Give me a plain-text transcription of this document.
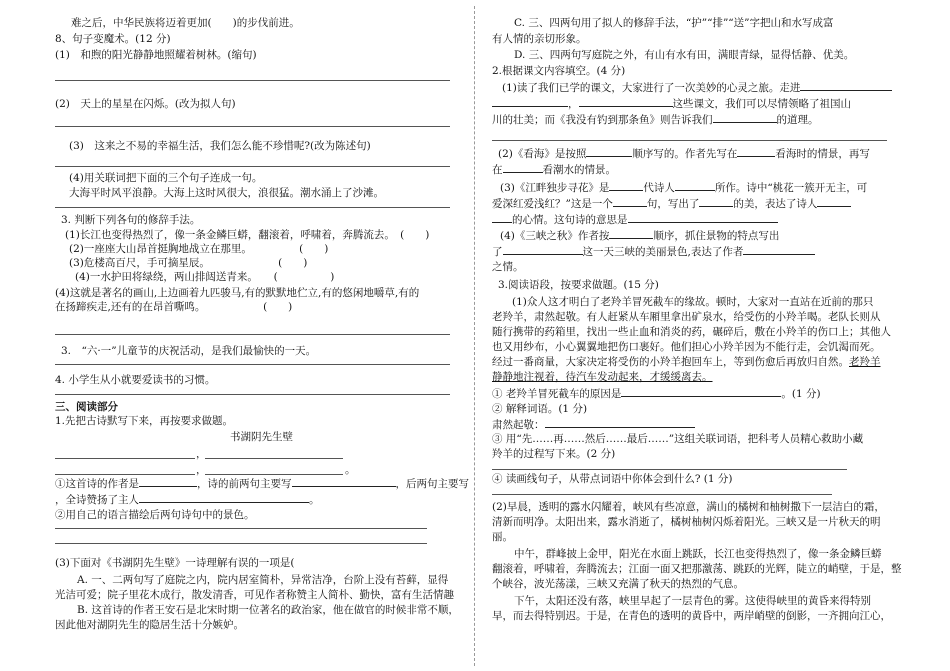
难之后，中华民族将迈着更加(　　)的步伐前进。
8、句子变魔术。(12 分)
(1)　和煦的阳光静静地照耀着树林。(缩句)
(2)　天上的星星在闪烁。(改为拟人句)
(3)　这来之不易的幸福生活，我们怎么能不珍惜呢?(改为陈述句)
(4)用关联词把下面的三个句子连成一句。
大海平时风平浪静。大海上这时风很大，浪很猛。潮水涌上了沙滩。
3. 判断下列各句的修辞手法。
(1)长江也变得热烈了，像一条金鳞巨蟒，翻滚着，呼啸着，奔腾流去。　(　　)
(2)一座座大山昂首挺胸地战立在那里。　　　　　(　　)
(3)危楼高百尺，手可摘星辰。　　　　　　　(　　)
(4)一水护田将绿绕，两山排闼送青来。　　(　　　　　)
(4)这就是著名的画山,上边画着九匹骏马,有的默默地伫立,有的悠闲地嚼草,有的
在扬蹄疾走,还有的在昂首嘶鸣。　　　　　　(　　)
3.　“六·一”儿童节的庆祝活动，是我们最愉快的一天。
4. 小学生从小就要爱读书的习惯。
三、阅读部分
1.先把古诗默写下来，再按要求做题。
书湖阴先生壁
，
，	。
①这首诗的作者是	，诗的前两句主要写	，后两句主要写
，全诗赞扬了主人	。
②用自己的语言描绘后两句诗句中的景色。
(3)下面对《书湖阴先生壁》一诗理解有误的一项是(
A. 一、二两句写了庭院之内，院内居室简朴，异常洁净，台阶上没有苔藓，显得
光洁可爱；院子里花木成行，散发清香，可见作者称赞主人简朴、勤快，富有生活情趣
B. 这首诗的作者王安石是北宋时期一位著名的政治家，他在做官的时候非常不顺，
因此他对湖阴先生的隐居生活十分嫉妒。
C. 三、四两句用了拟人的修辞手法，“护”“排”“送”字把山和水写成富
有人情的亲切形象。
D. 三、四两句写庭院之外，有山有水有田，满眼青绿，显得恬静、优美。
2.根据课文内容填空。(4 分)
(1)读了我们已学的课文，大家进行了一次美妙的心灵之旅。走进
，	这些课文，我们可以尽情领略了祖国山
川的壮美；而《我没有钓到那条鱼》则告诉我们	的道理。
(2)《看海》是按照	顺序写的。作者先写在	看海时的情景，再写
在	看潮水的情景。
(3)《江畔独步寻花》是	代诗人	所作。诗中“桃花一簇开无主，可
爱深红爱浅红？”这是一个	句，写出了	的美，表达了诗人
的心情。这句诗的意思是
(4)《三峡之秋》作者按	顺序，抓住景物的特点写出
了	这一天三峡的美丽景色,表达了作者
之情。
3.阅读语段，按要求做题。(15 分)
(1)众人这才明白了老羚羊冒死截车的缘故。顿时，大家对一直站在近前的那只
老羚羊，肃然起敬。有人赶紧从车厢里拿出矿泉水，给受伤的小羚羊喝。老队长则从
随行携带的药箱里，找出一些止血和消炎的药，碾碎后，敷在小羚羊的伤口上；其他人
也又用纱布，小心翼翼地把伤口裹好。他们担心小羚羊因为不能行走，会饥渴而死。
经过一番商量，大家决定将受伤的小羚羊抱回车上，等到伤愈后再放归自然。老羚羊
静静地注视着，待汽车发动起来，才缓缓离去。
① 老羚羊冒死截车的原因是	。(1 分)
② 解释词语。(1 分)
肃然起敬：
③ 用“先……再……然后……最后……”这组关联词语，把科考人员精心救助小藏
羚羊的过程写下来。(2 分)
④ 读画线句子，从带点词语中你体会到什么? (1 分)
(2)早晨，透明的露水闪耀着，峡风有些凉意，满山的橘树和柚树撒下一层洁白的霜，
清新而明净。太阳出来，露水消逝了，橘树柚树闪烁着阳光。三峡又是一片秋天的明
丽。
中午，群峰披上金甲，阳光在水面上跳跃，长江也变得热烈了，像一条金鳞巨蟒
翻滚着，呼啸着，奔腾流去；江面一面又把那激荡、跳跃的光辉，陡立的峭壁，于是，整
个峡谷，波光荡漾，三峡又充满了秋天的热烈的气息。
下午，太阳还没有落，峡里早起了一层青色的雾。这使得峡里的黄昏来得特别
早，而去得特别迟。于是，在青色的透明的黄昏中，两岸峭壁的倒影，一齐拥向江心，
